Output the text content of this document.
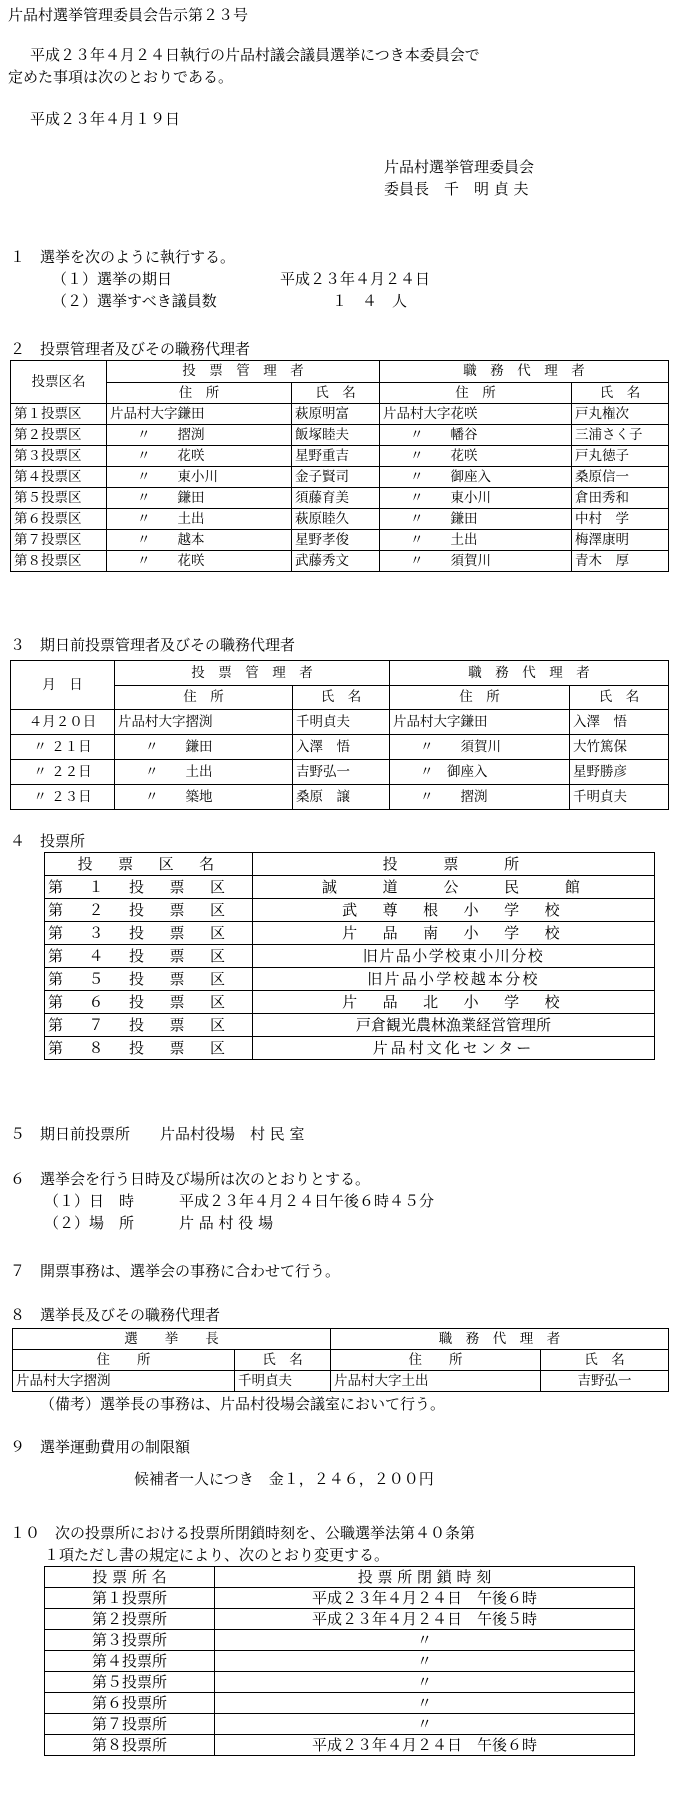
片品村選挙管理委員会告示第２３号
平成２３年４月２４日執行の片品村議会議員選挙につき本委員会で
定めた事項は次のとおりである。
平成２３年４月１９日
片品村選挙管理委員会
委員長　千　明 貞 夫
１　選挙を次のように執行する。
（１）選挙の期日	平成２３年４月２４日
（２）選挙すべき議員数	１　４　人
２　投票管理者及びその職務代理者
投票区名	投　票　管　理　者		職　務　代　理　者	
	住　所	氏　名	住　所	氏　名
第１投票区	片品村大字鎌田	萩原明富	片品村大字花咲	戸丸権次
第２投票区	〃　　摺渕	飯塚睦夫	〃　　幡谷	三浦さく子
第３投票区	〃　　花咲	星野重吉	〃　　花咲	戸丸徳子
第４投票区	〃　　東小川	金子賢司	〃　　御座入	桑原信一
第５投票区	〃　　鎌田	須藤育美	〃　　東小川	倉田秀和
第６投票区	〃　　土出	萩原睦久	〃　　鎌田	中村　学
第７投票区	〃　　越本	星野孝俊	〃　　土出	梅澤康明
第８投票区	〃　　花咲	武藤秀文	〃　　須賀川	青木　厚
３　期日前投票管理者及びその職務代理者
月　日	投　票　管　理　者		職　務　代　理　者	
	住　所	氏　名	住　所	氏　名
４月２０日	片品村大字摺渕	千明貞夫	片品村大字鎌田	入澤　悟
〃 ２１日	〃　　鎌田	入澤　悟	〃　　須賀川	大竹篤保
〃 ２２日	〃　　土出	吉野弘一	〃　御座入	星野勝彦
〃 ２３日	〃　　築地	桑原　譲	〃　　摺渕	千明貞夫
４　投票所
投　票　区　名	投　　票　　所
第　１　投　票　区	誠　　道　　公　　民　　館
第　２　投　票　区	武　尊　根　小　学　校
第　３　投　票　区	片　品　南　小　学　校
第　４　投　票　区	旧片品小学校東小川分校
第　５　投　票　区	旧片品小学校越本分校
第　６　投　票　区	片　品　北　小　学　校
第　７　投　票　区	戸倉観光農林漁業経営管理所
第　８　投　票　区	片品村文化センター
５　期日前投票所　　片品村役場　村 民 室
６　選挙会を行う日時及び場所は次のとおりとする。
（１）日　時　　　平成２３年４月２４日午後６時４５分
（２）場　所　　　片 品 村 役 場
７　開票事務は、選挙会の事務に合わせて行う。
８　選挙長及びその職務代理者
選　　挙　　長		職　務　代　理　者	
住　　所	氏　名	住　　所	氏　名
片品村大字摺渕	千明貞夫	片品村大字土出	吉野弘一
（備考）選挙長の事務は、片品村役場会議室において行う。
９　選挙運動費用の制限額
候補者一人につき　金１，２４６，２００円
１０　次の投票所における投票所閉鎖時刻を、公職選挙法第４０条第
１項ただし書の規定により、次のとおり変更する。
投 票 所 名	投 票 所 閉 鎖 時 刻
第１投票所	平成２３年４月２４日　午後６時
第２投票所	平成２３年４月２４日　午後５時
第３投票所	〃
第４投票所	〃
第５投票所	〃
第６投票所	〃
第７投票所	〃
第８投票所	平成２３年４月２４日　午後６時
